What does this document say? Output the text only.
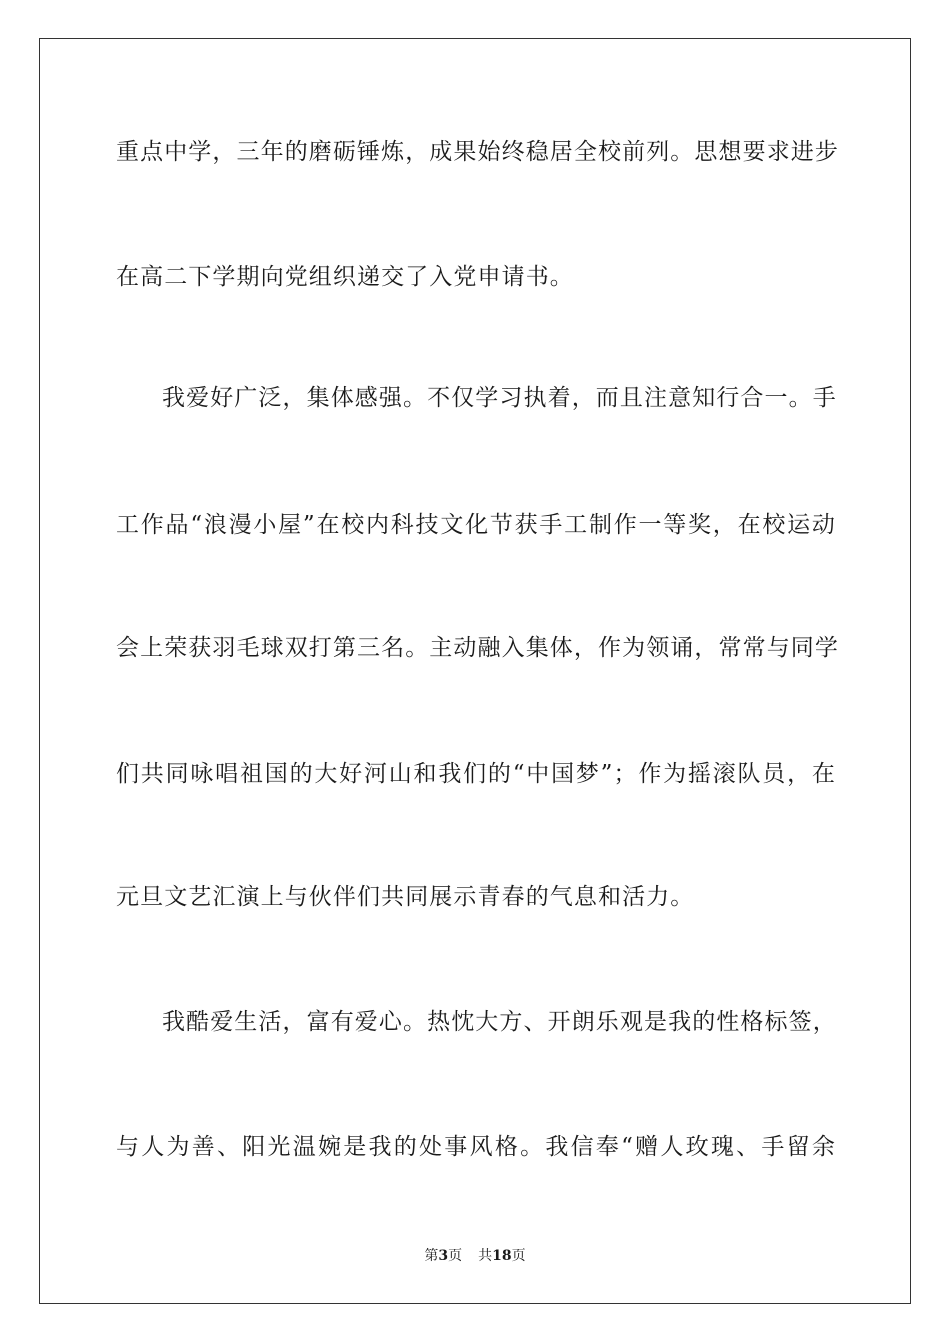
重点中学，三年的磨砺锤炼，成果始终稳居全校前列。思想要求进步
在高二下学期向党组织递交了入党申请书。
我爱好广泛，集体感强。不仅学习执着，而且注意知行合一。手
工作品“浪漫小屋”在校内科技文化节获手工制作一等奖，在校运动
会上荣获羽毛球双打第三名。主动融入集体，作为领诵，常常与同学
们共同咏唱祖国的大好河山和我们的“中国梦”；作为摇滚队员，在
元旦文艺汇演上与伙伴们共同展示青春的气息和活力。
我酷爱生活，富有爱心。热忱大方、开朗乐观是我的性格标签，
与人为善、阳光温婉是我的处事风格。我信奉“赠人玫瑰、手留余
第3页 共18页
